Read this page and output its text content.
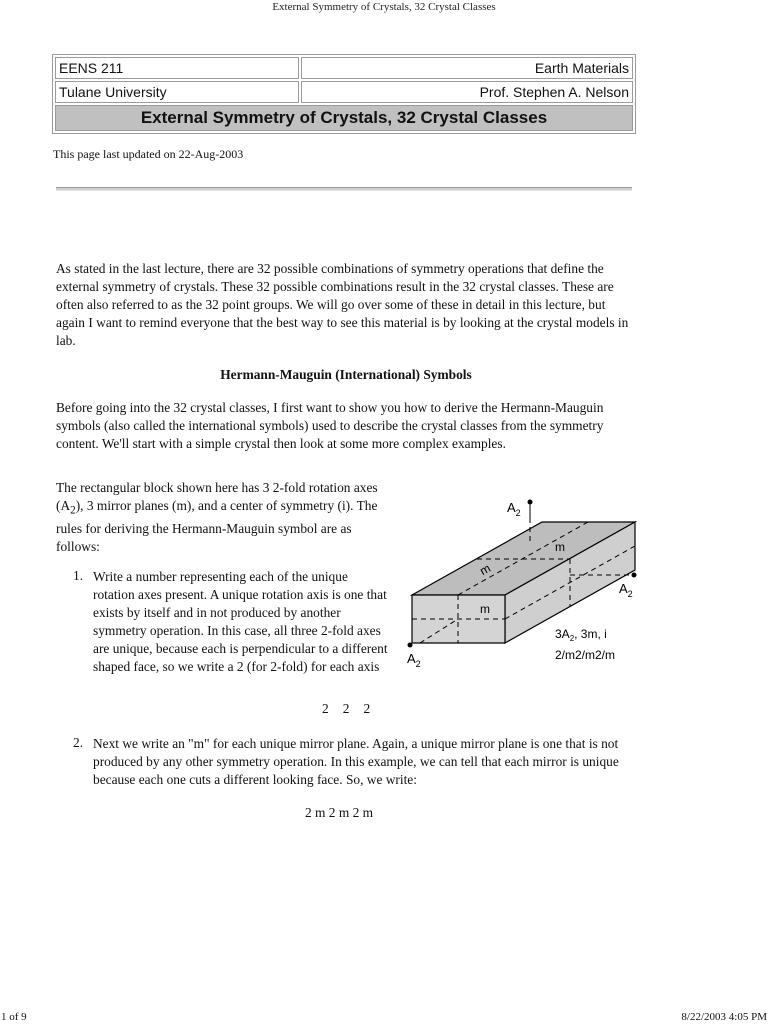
External Symmetry of Crystals, 32 Crystal Classes
EENS 211	Earth Materials
Tulane University	Prof. Stephen A. Nelson
External Symmetry of Crystals, 32 Crystal Classes	
This page last updated on 22-Aug-2003
As stated in the last lecture, there are 32 possible combinations of symmetry operations that define the external symmetry of crystals. These 32 possible combinations result in the 32 crystal classes. These are often also referred to as the 32 point groups. We will go over some of these in detail in this lecture, but again I want to remind everyone that the best way to see this material is by looking at the crystal models in lab.
Hermann-Mauguin (International) Symbols
Before going into the 32 crystal classes, I first want to show you how to derive the Hermann-Mauguin symbols (also called the international symbols) used to describe the crystal classes from the symmetry content. We'll start with a simple crystal then look at some more complex examples.
The rectangular block shown here has 3 2-fold rotation axes $(A_2)$, 3 mirror planes (m), and a center of symmetry (i). The rules for deriving the Hermann-Mauguin symbol are as follows:
1. Write a number representing each of the unique rotation axes present. A unique rotation axis is one that exists by itself and in not produced by another symmetry operation. In this case, all three 2-fold axes are unique, because each is perpendicular to a different shaped face, so we write a 2 (for 2-fold) for each axis
2   2   2
2. Next we write an "m" for each unique mirror plane. Again, a unique mirror plane is one that is not produced by any other symmetry operation. In this example, we can tell that each mirror is unique because each one cuts a different looking face. So, we write:
2 m 2 m 2 m
$A_2$
$A_2$
$A_2$
m
m
m
$3A_2$, 3m, i
2/m2/m2/m
1 of 9	8/22/2003 4:05 PM
